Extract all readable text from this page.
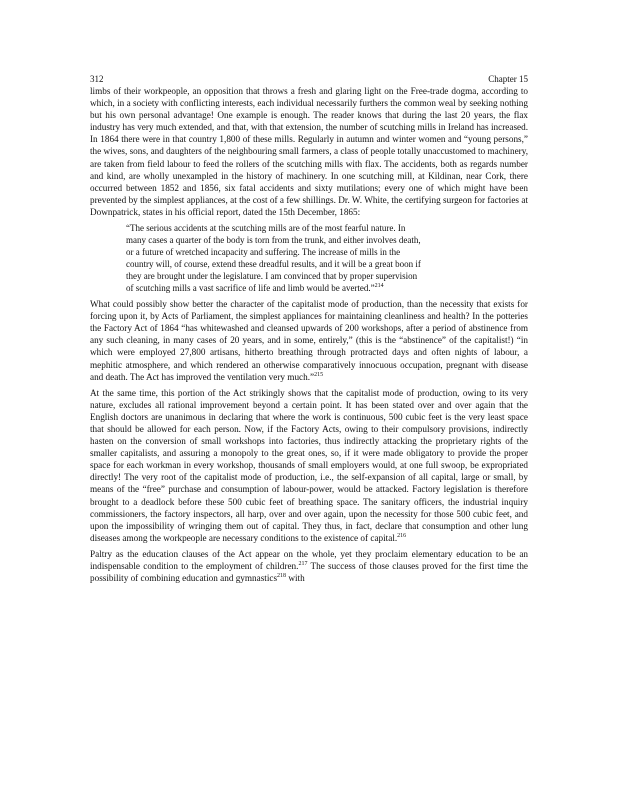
312	Chapter 15

limbs of their workpeople, an opposition that throws a fresh and glaring light on the Free-trade dogma, according to which, in a society with conflicting interests, each individual necessarily furthers the common weal by seeking nothing but his own personal advantage! One example is enough. The reader knows that during the last 20 years, the flax industry has very much extended, and that, with that extension, the number of scutching mills in Ireland has increased. In 1864 there were in that country 1,800 of these mills. Regularly in autumn and winter women and “young persons,” the wives, sons, and daughters of the neighbouring small farmers, a class of people totally unaccustomed to machinery, are taken from field labour to feed the rollers of the scutching mills with flax. The accidents, both as regards number and kind, are wholly unexampled in the history of machinery. In one scutching mill, at Kildinan, near Cork, there occurred between 1852 and 1856, six fatal accidents and sixty mutilations; every one of which might have been prevented by the simplest appliances, at the cost of a few shillings. Dr. W. White, the certifying surgeon for factories at Downpatrick, states in his official report, dated the 15th December, 1865:

“The serious accidents at the scutching mills are of the most fearful nature. In
many cases a quarter of the body is torn from the trunk, and either involves death,
or a future of wretched incapacity and suffering. The increase of mills in the
country will, of course, extend these dreadful results, and it will be a great boon if
they are brought under the legislature. I am convinced that by proper supervision
of scutching mills a vast sacrifice of life and limb would be averted.”$^{214}$

What could possibly show better the character of the capitalist mode of production, than the necessity that exists for forcing upon it, by Acts of Parliament, the simplest appliances for maintaining cleanliness and health? In the potteries the Factory Act of 1864 “has whitewashed and cleansed upwards of 200 workshops, after a period of abstinence from any such cleaning, in many cases of 20 years, and in some, entirely,” (this is the “abstinence” of the capitalist!) “in which were employed 27,800 artisans, hitherto breathing through protracted days and often nights of labour, a mephitic atmosphere, and which rendered an otherwise comparatively innocuous occupation, pregnant with disease and death. The Act has improved the ventilation very much.”$^{215}$

At the same time, this portion of the Act strikingly shows that the capitalist mode of production, owing to its very nature, excludes all rational improvement beyond a certain point. It has been stated over and over again that the English doctors are unanimous in declaring that where the work is continuous, 500 cubic feet is the very least space that should be allowed for each person. Now, if the Factory Acts, owing to their compulsory provisions, indirectly hasten on the conversion of small workshops into factories, thus indirectly attacking the proprietary rights of the smaller capitalists, and assuring a monopoly to the great ones, so, if it were made obligatory to provide the proper space for each workman in every workshop, thousands of small employers would, at one full swoop, be expropriated directly! The very root of the capitalist mode of production, i.e., the self-expansion of all capital, large or small, by means of the “free” purchase and consumption of labour-power, would be attacked. Factory legislation is therefore brought to a deadlock before these 500 cubic feet of breathing space. The sanitary officers, the industrial inquiry commissioners, the factory inspectors, all harp, over and over again, upon the necessity for those 500 cubic feet, and upon the impossibility of wringing them out of capital. They thus, in fact, declare that consumption and other lung diseases among the workpeople are necessary conditions to the existence of capital.$^{216}$

Paltry as the education clauses of the Act appear on the whole, yet they proclaim elementary education to be an indispensable condition to the employment of children.$^{217}$ The success of those clauses proved for the first time the possibility of combining education and gymnastics$^{218}$ with
